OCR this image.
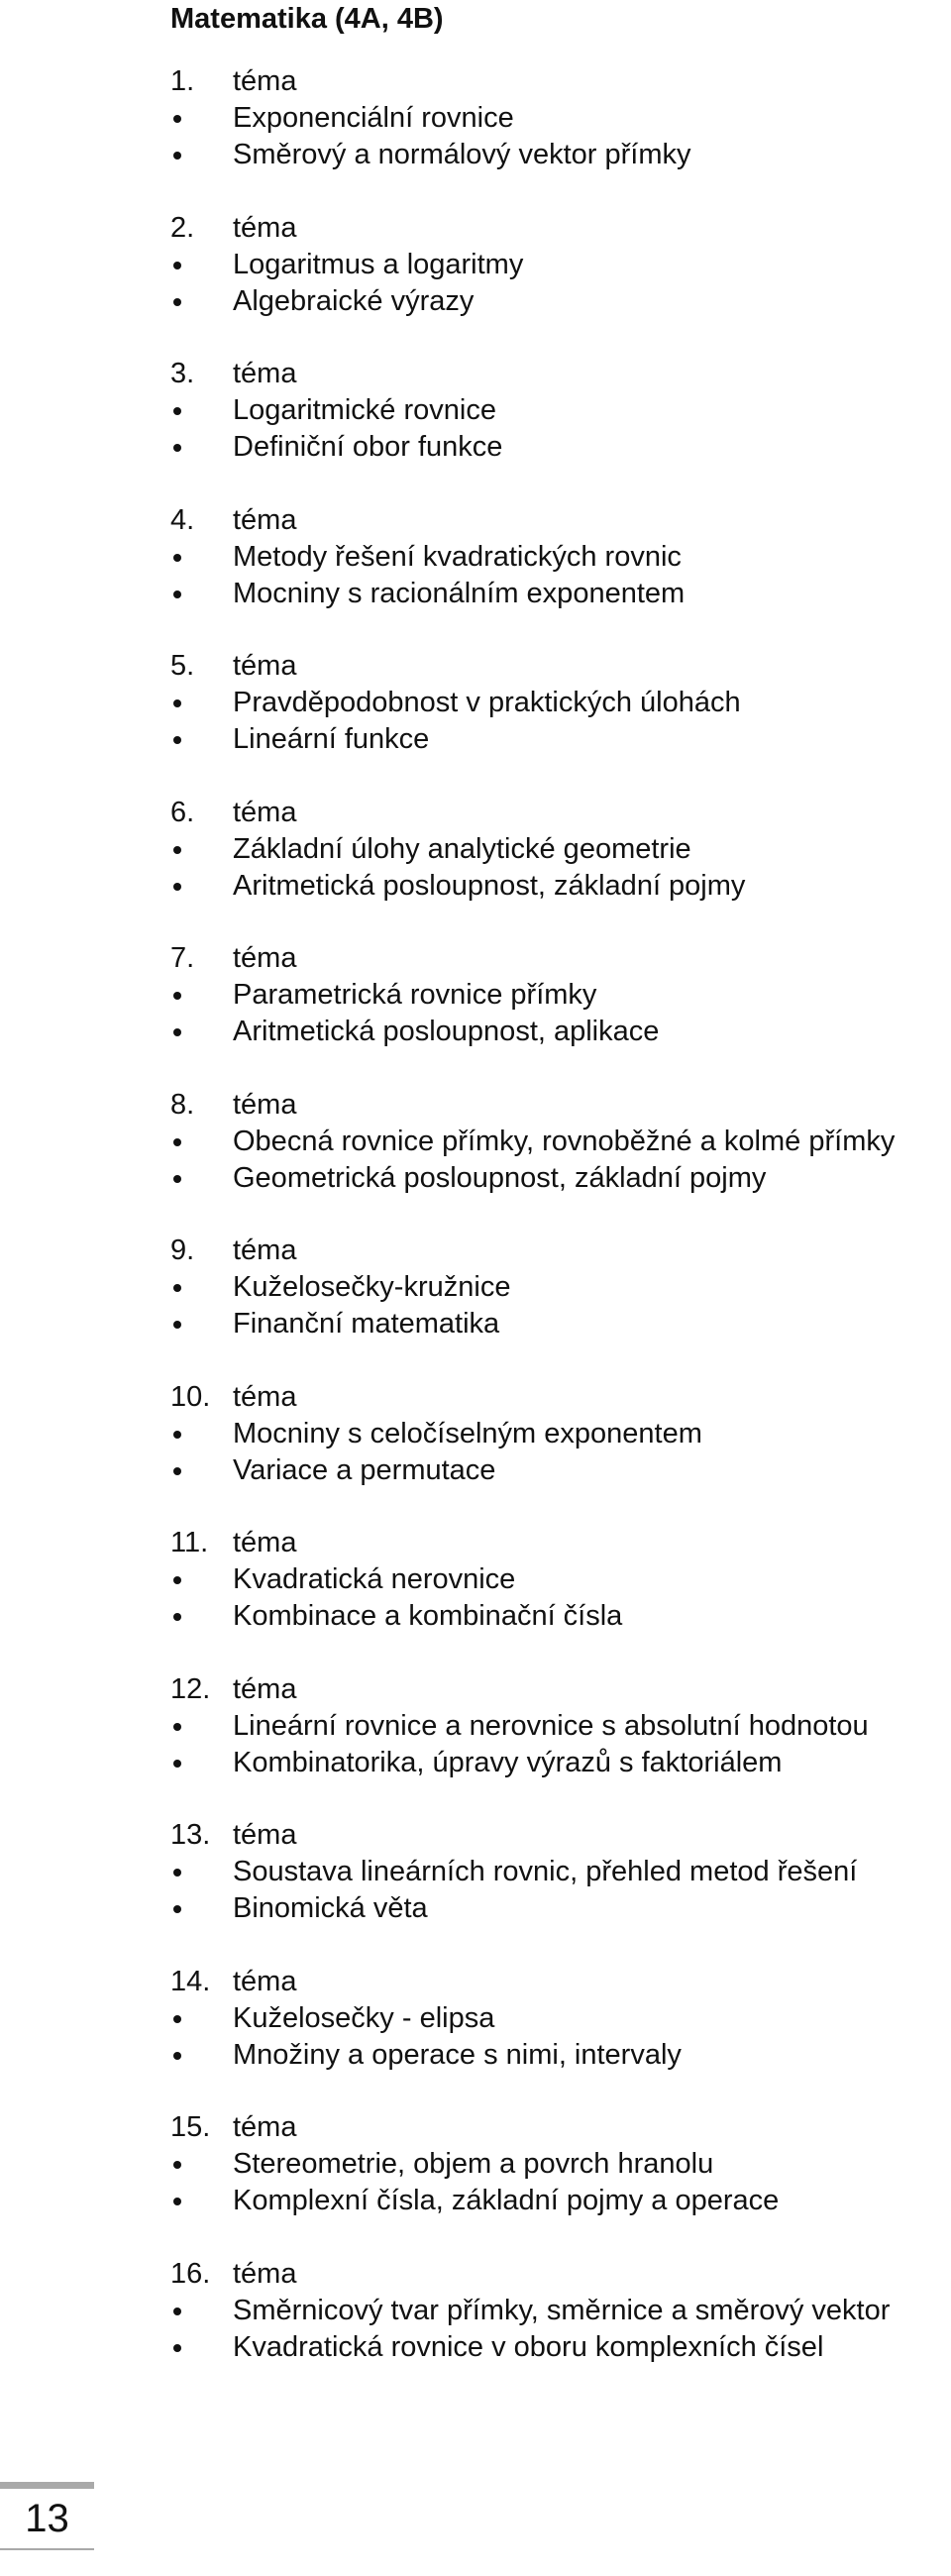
Matematika (4A, 4B)
1. téma
Exponenciální rovnice
Směrový a normálový vektor přímky
2. téma
Logaritmus a logaritmy
Algebraické výrazy
3. téma
Logaritmické rovnice
Definiční obor funkce
4. téma
Metody řešení kvadratických rovnic
Mocniny s racionálním exponentem
5. téma
Pravděpodobnost v praktických úlohách
Lineární funkce
6. téma
Základní úlohy analytické geometrie
Aritmetická posloupnost, základní pojmy
7. téma
Parametrická rovnice přímky
Aritmetická posloupnost, aplikace
8. téma
Obecná rovnice přímky, rovnoběžné a kolmé přímky
Geometrická posloupnost, základní pojmy
9. téma
Kuželosečky-kružnice
Finanční matematika
10. téma
Mocniny s celočíselným exponentem
Variace a permutace
11. téma
Kvadratická nerovnice
Kombinace a kombinační čísla
12. téma
Lineární rovnice a nerovnice s absolutní hodnotou
Kombinatorika, úpravy výrazů s faktoriálem
13. téma
Soustava lineárních rovnic, přehled metod řešení
Binomická věta
14. téma
Kuželosečky - elipsa
Množiny a operace s nimi, intervaly
15. téma
Stereometrie, objem a povrch hranolu
Komplexní čísla, základní pojmy a operace
16. téma
Směrnicový tvar přímky, směrnice a směrový vektor
Kvadratická rovnice v oboru komplexních čísel
13
